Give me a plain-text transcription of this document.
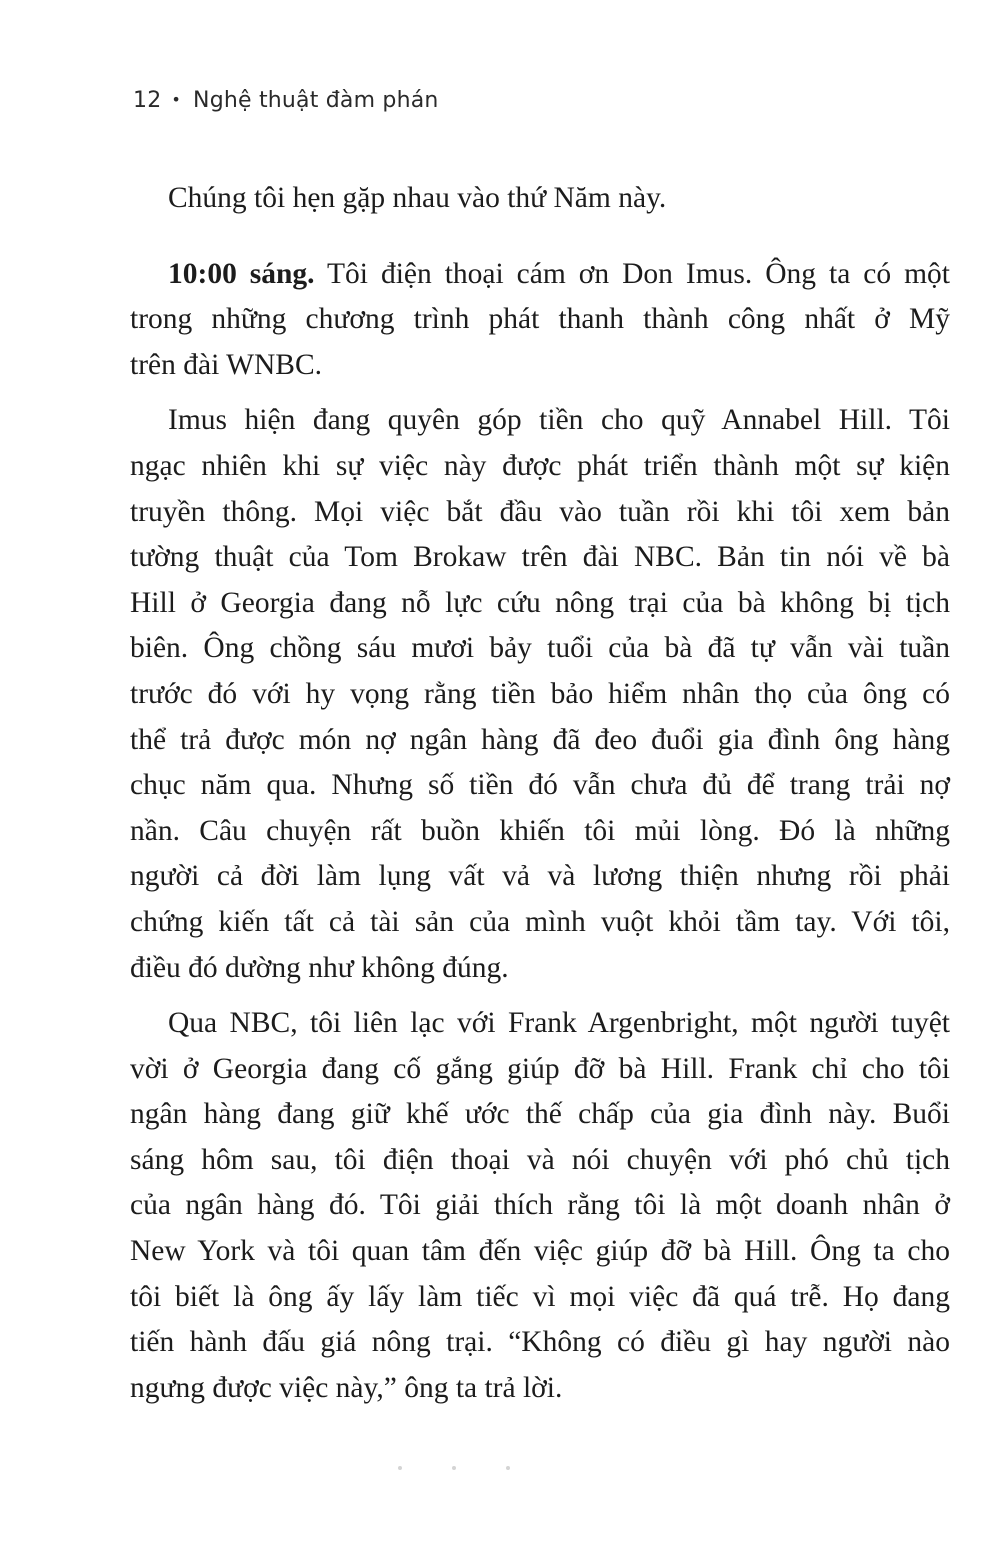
12 • Nghệ thuật đàm phán

Chúng tôi hẹn gặp nhau vào thứ Năm này.

10:00 sáng. Tôi điện thoại cám ơn Don Imus. Ông ta có một
trong những chương trình phát thanh thành công nhất ở Mỹ
trên đài WNBC.

Imus hiện đang quyên góp tiền cho quỹ Annabel Hill. Tôi
ngạc nhiên khi sự việc này được phát triển thành một sự kiện
truyền thông. Mọi việc bắt đầu vào tuần rồi khi tôi xem bản
tường thuật của Tom Brokaw trên đài NBC. Bản tin nói về bà
Hill ở Georgia đang nỗ lực cứu nông trại của bà không bị tịch
biên. Ông chồng sáu mươi bảy tuổi của bà đã tự vẫn vài tuần
trước đó với hy vọng rằng tiền bảo hiểm nhân thọ của ông có
thể trả được món nợ ngân hàng đã đeo đuổi gia đình ông hàng
chục năm qua. Nhưng số tiền đó vẫn chưa đủ để trang trải nợ
nần. Câu chuyện rất buồn khiến tôi mủi lòng. Đó là những
người cả đời làm lụng vất vả và lương thiện nhưng rồi phải
chứng kiến tất cả tài sản của mình vuột khỏi tầm tay. Với tôi,
điều đó dường như không đúng.

Qua NBC, tôi liên lạc với Frank Argenbright, một người tuyệt
vời ở Georgia đang cố gắng giúp đỡ bà Hill. Frank chỉ cho tôi
ngân hàng đang giữ khế ước thế chấp của gia đình này. Buổi
sáng hôm sau, tôi điện thoại và nói chuyện với phó chủ tịch
của ngân hàng đó. Tôi giải thích rằng tôi là một doanh nhân ở
New York và tôi quan tâm đến việc giúp đỡ bà Hill. Ông ta cho
tôi biết là ông ấy lấy làm tiếc vì mọi việc đã quá trễ. Họ đang
tiến hành đấu giá nông trại. “Không có điều gì hay người nào
ngưng được việc này,” ông ta trả lời.
